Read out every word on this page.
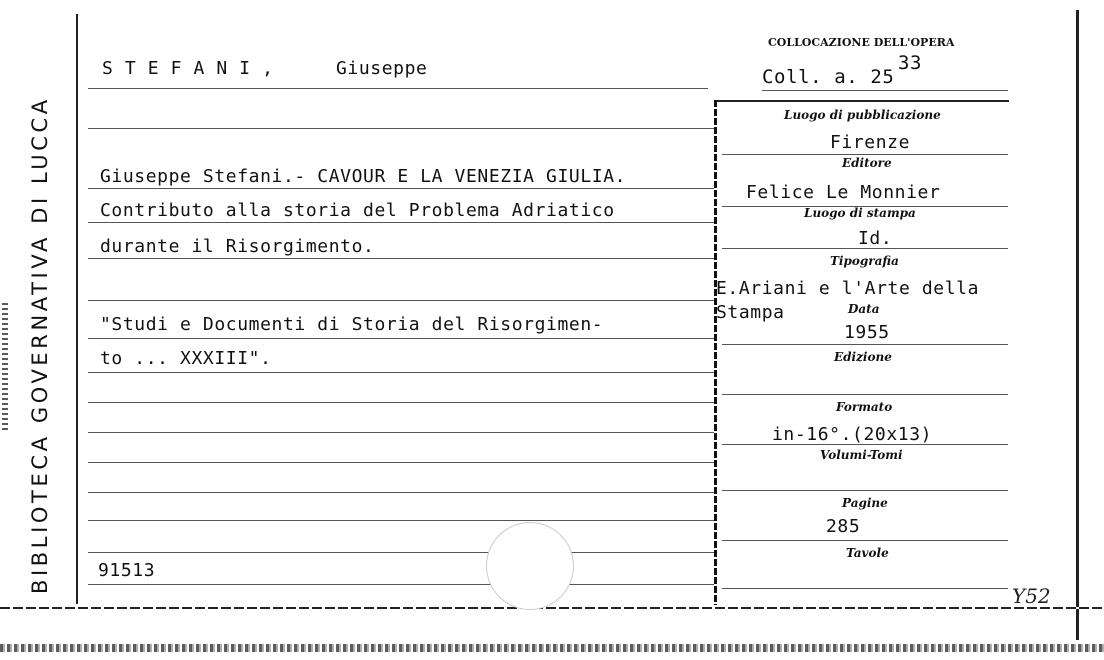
BIBLIOTECA GOVERNATIVA DI LUCCA
COLLOCAZIONE DELL'OPERA
Coll. a. 25
33
S T E F A N I ,	Giuseppe
Giuseppe Stefani.- CAVOUR E LA VENEZIA GIULIA.
Contributo alla storia del Problema Adriatico
durante il Risorgimento.
"Studi e Documenti di Storia del Risorgimen-
to ... XXXIII".
91513
Luogo di pubblicazione
Firenze
Editore
Felice Le Monnier
Luogo di stampa
Id.
Tipografia
E.Ariani e l'Arte della
Stampa	Data
1955
Edizione
Formato
in-16°.(20x13)
Volumi-Tomi
Pagine
285
Tavole
Y52
